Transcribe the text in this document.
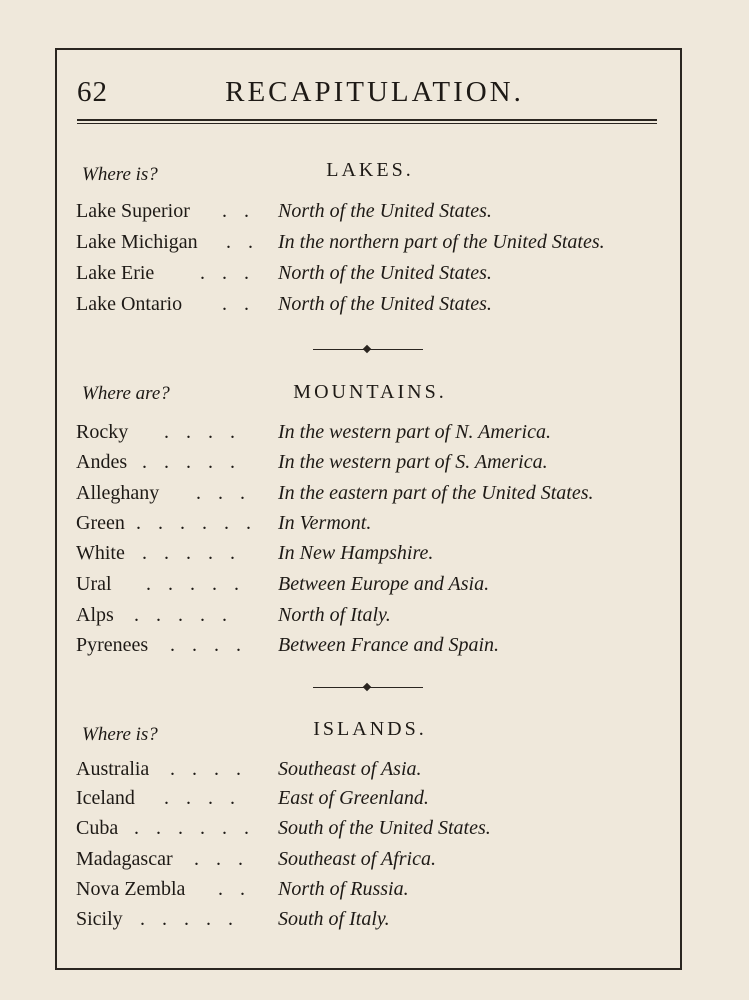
62	RECAPITULATION.
Where is?	LAKES.
Lake Superior . . North of the United States.
Lake Michigan . . In the northern part of the United States.
Lake Erie . . . North of the United States.
Lake Ontario . . North of the United States.
Where are?	MOUNTAINS.
Rocky . . . . In the western part of N. America.
Andes . . . . . In the western part of S. America.
Alleghany . . . In the eastern part of the United States.
Green . . . . . . In Vermont.
White . . . . . In New Hampshire.
Ural . . . . . Between Europe and Asia.
Alps . . . . . North of Italy.
Pyrenees . . . . Between France and Spain.
Where is?	ISLANDS.
Australia . . . . Southeast of Asia.
Iceland . . . . East of Greenland.
Cuba . . . . . . South of the United States.
Madagascar . . . Southeast of Africa.
Nova Zembla . . North of Russia.
Sicily . . . . . South of Italy.
